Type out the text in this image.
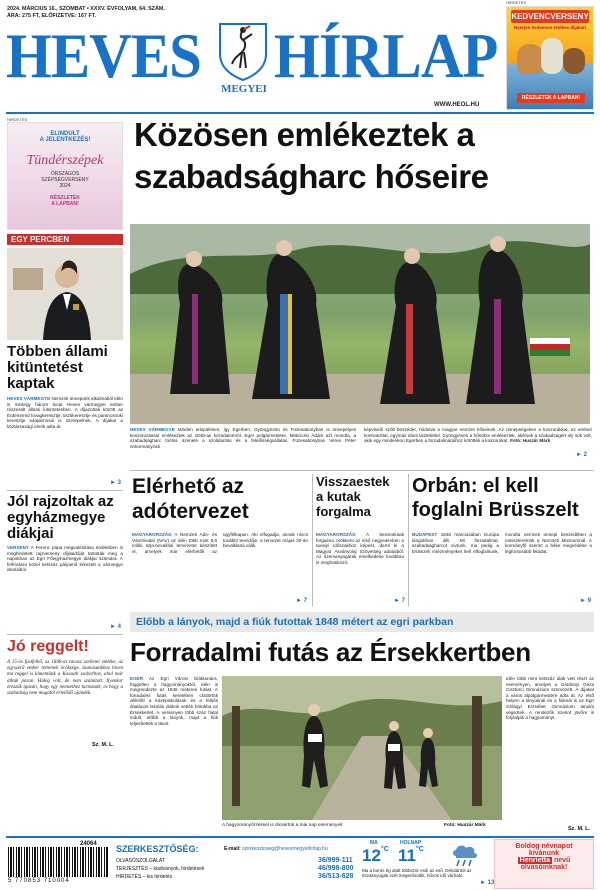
2024. MÁRCIUS 16., SZOMBAT • XXXV. ÉVFOLYAM, 64. SZÁM.
ÁRA: 275 FT, ELŐFIZETVE: 167 FT.
HEVES	MEGYEI HÍRLAP
WWW.HEOL.HU
HIRDETÉS
KEDVENCVERSENY
Nyerjen kedvence értékes díjakat!
RÉSZLETEK A LAPBAN!
HIRDETÉS
ELINDULT
A JELENTKEZÉS!
Tündérszépek
ORSZÁGOS
SZÉPSÉGVERSENY
2024
RÉSZLETEK
A LAPBAN!
Közösen emlékeztek a
szabadságharc hőseire
HEVES VÁRMEGYE Minden településen, így Egerben, Gyöngyösön és Füzesabonyban is ünnepélyes koszorúzással emlékeztek az 1848-as forradalomról. Eger polgármestere, Mirkóczki Ádám azt mondta, a szabadságharc fontos üzenete a szolidaritás és a felelősségvállalás. Füzesabonyban Veres Péter önkormányzati
képviselő szólt beszédet, hódolva a magyar nemzet hőseinek. Az ünnepségeken a koszorúkkal, az emberi kontraszttal, egymás iránti tisztelettel. Gyöngyösön a hősökre emlékeztek, akiknek a szabadságért oly sok volt, akik egy mindenkori Egerben a forradalmáraihoz kötötték a koszorúkat. Fotó: Huszár Márk
► 2
EGY PERCBEN
Többen állami
kitüntetést
kaptak
HEVES VÁRMEGYE Nemzeti ünnepünk alkalmából idén is mintegy három tucat Heves vármegyei ember részesült állami kitüntetésben. A díjazottak között az Érdemrend lovagkeresztje, tisztikeresztje és parancsnoki keresztje tulajdonosai is szerepelnek. A díjakat a köztársasági elnök adta át.
► 3
Jól rajzoltak az
egyházmegye
diákjai
VERSENY A Ferenc pápa megvalósítása érdekében is meghirdetett rajzverseny díjátadóját tartották meg a napokban az Egri Főegyházmegye diákjai számára. A felhívásra közel kétszáz pályamű érkezett a vármegye iskoláiból.
► 4
Jó reggelt!
A 15-ös füstfelhő, az 1848-as tavasz szellemi emléke, az egyszerű ember tetteinek öröksége. Szokásunkhoz híven ma reggel is kimentünk a Kossuth szoborhoz, ahol már álltak páran. Hideg volt, de nem számított. Ilyenkor érezzük igazán, hogy egy nemzethez tartozunk, és hogy a szabadság nem magától értetődő ajándék.
Sz. M. L.
Elérhető az
adótervezet
MAGYARORSZÁG A Nemzeti Adó- és Vámhivatal (NAV) az idén több mint 5,6 millió szja-bevallási tervezetet készített el, amelyek már elérhetők az ügyfélkapun. Aki elfogadja, annak nincs további teendője, a tervezet május 20-án bevallássá válik.
► 7
Visszaestek
a kutak
forgalma
MAGYARORSZÁG A benzinkutak forgalma csökkent az első negyedévben a tavalyi időszakhoz képest, derül ki a Magyar Ásványolaj Szövetség adataiból. Az üzemanyagárak emelkedése továbbra is meghatározó.
► 7
Orbán: el kell
foglalni Brüsszelt
BUDAPEST 1848 márciusában Európa lángokban állt. Mi forradalmat, szabadságharcot vívtunk, ma pedig a brüsszeli intézményeket kell elfoglalnunk, mondta nemzeti ünnepi beszédében a miniszterelnök a Nemzeti Múzeumnál. A kormányfő szerint a béke megvédése a legfontosabb feladat.
► 9
Előbb a lányok, majd a fiúk futottak 1848 métert az egri parkban
Forradalmi futás az Érsekkertben
EGER Az Egri Városi Diáktanács, független a hagyományoktól, idén is megrendezte az 1848 méteres futást. A forradalmi futás keretében csütörtök délelőtt a középiskolások és a felsős általános iskolás diákok vették birtokba az Érsekkertet. A versenyen több száz fiatal indult, előbb a lányok, majd a fiúk teljesítették a távot.
A hagyományőrzéssel is dicsértük a mai nap eseményeit	Fotó: Huszár Márk
Idén több mint kétszáz diák vett részt az eseményen, amelyet a Gárdonyi Géza Ciszterci Gimnázium szervezett. A díjakat a város alpolgármestere adta át. Az első helyen a lányoknál és a fiúknál is az Egri Szilágyi Erzsébet Gimnázium tanulói végeztek. A rendezők szerint jövőre is folytatják a hagyományt.
Sz. M. L.
24064
5 770853 710004
SZERKESZTŐSÉG:	E-mail: szerkesztoseg@hevesmegyeihirlap.hu
OLVASÓSZOLGÁLAT	36/999-111
TERJESZTÉS – kiadványok, hirdetések	46/998-800
HIRDETÉS – kis hirdetés	36/513-628
MA
$12^{^\circ C}$
HOLNAP
$11^{^\circ C}$
Ma a borús ég alatt többször esik az eső. Délutántól az északnyugati szél megerősödik, hűvös idő várható.
► 13
Boldog névnapot
kívánunk
Henrietta nevű
olvasóinknak!
